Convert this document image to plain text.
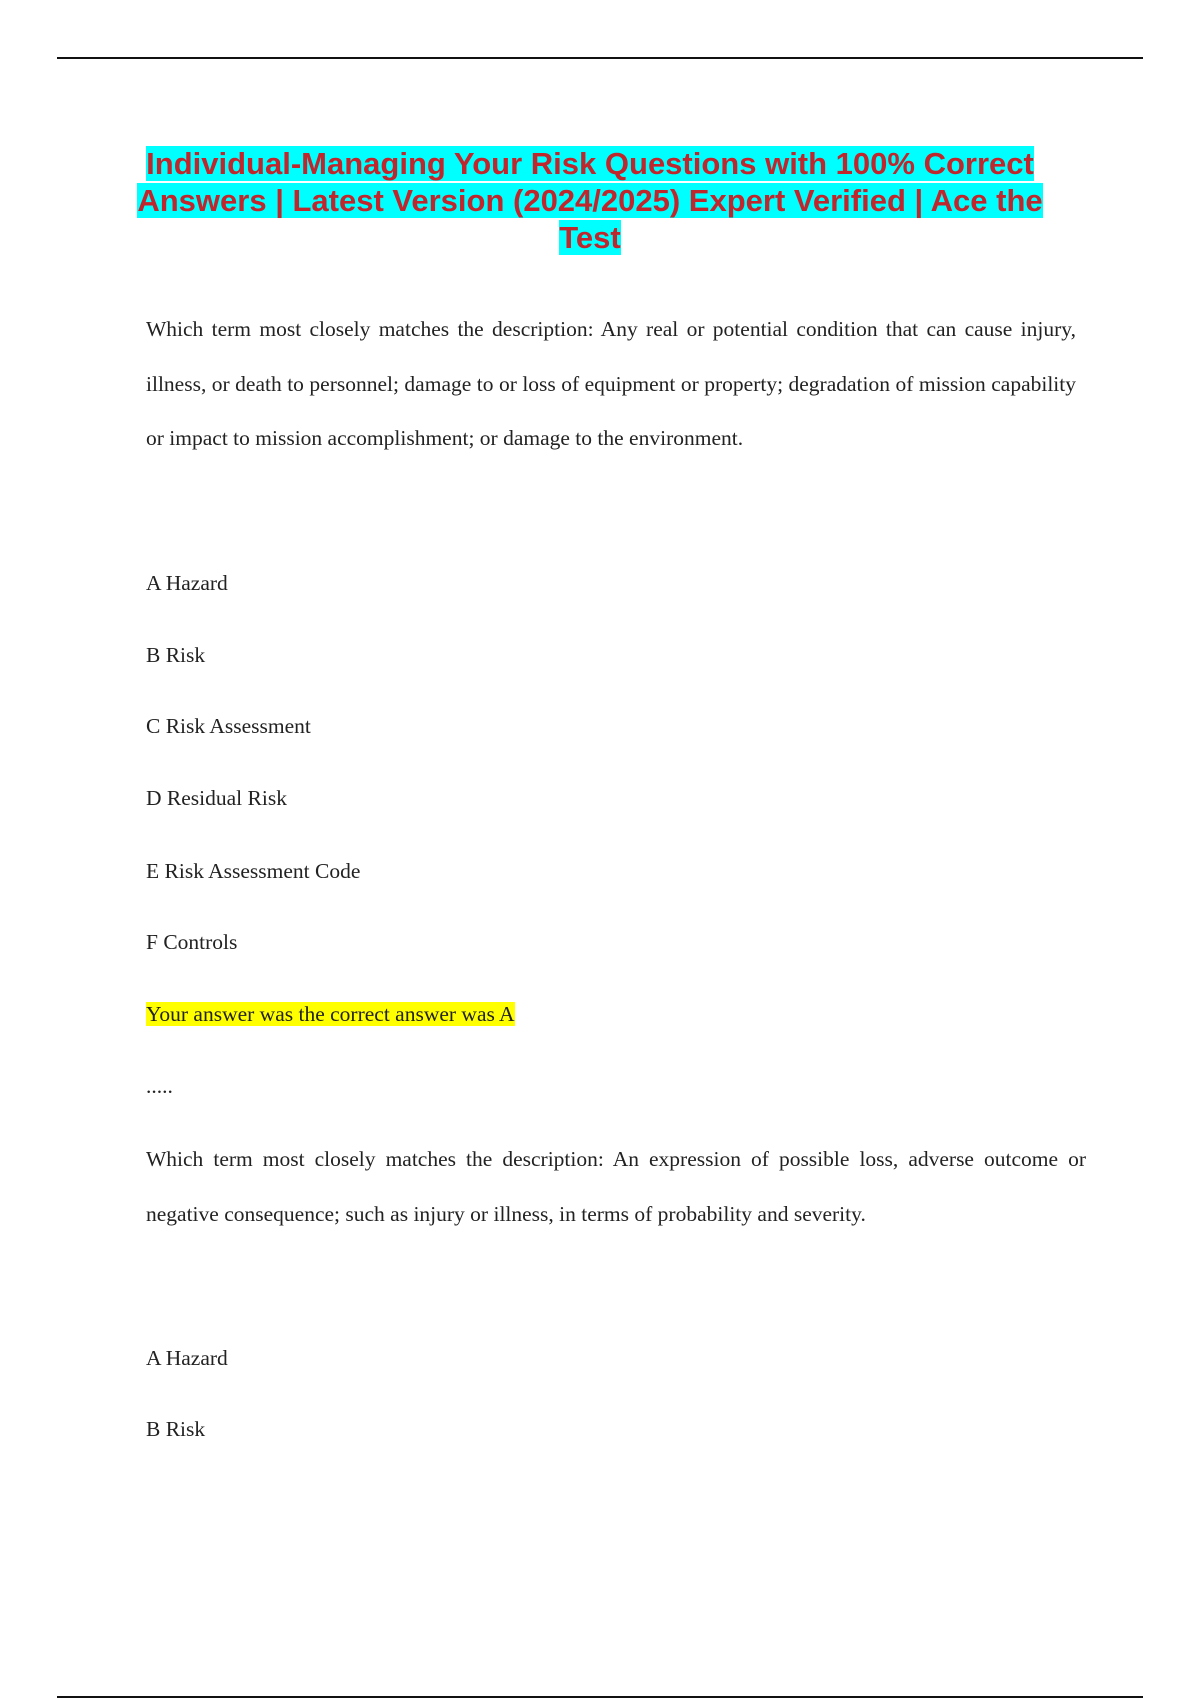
Individual-Managing Your Risk Questions with 100% Correct Answers | Latest Version (2024/2025) Expert Verified | Ace the Test
Which term most closely matches the description: Any real or potential condition that can cause injury, illness, or death to personnel; damage to or loss of equipment or property; degradation of mission capability or impact to mission accomplishment; or damage to the environment.
A Hazard
B Risk
C Risk Assessment
D Residual Risk
E Risk Assessment Code
F Controls
Your answer was the correct answer was A
.....
Which term most closely matches the description: An expression of possible loss, adverse outcome or negative consequence; such as injury or illness, in terms of probability and severity.
A Hazard
B Risk
